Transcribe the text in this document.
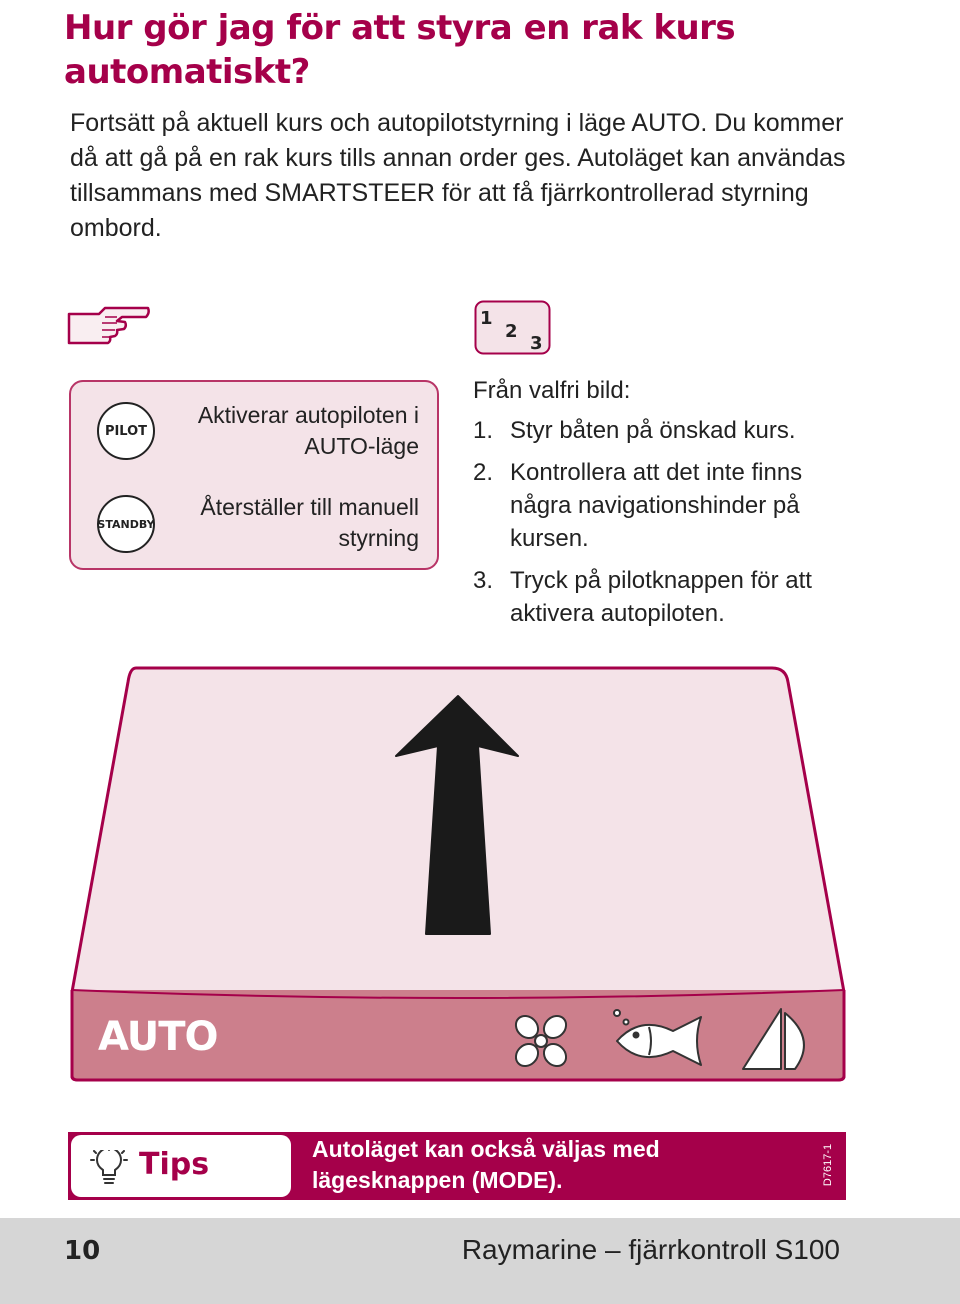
Hur gör jag för att styra en rak kurs automatiskt?

Fortsätt på aktuell kurs och autopilotstyrning i läge AUTO. Du kommer då att gå på en rak kurs tills annan order ges. Autoläget kan användas tillsammans med SMARTSTEER för att få fjärrkontrollerad styrning ombord.

1
2
3
PILOT

Aktiverar autopiloten i AUTO-läge

STANDBY

Återställer till manuell styrning

Från valfri bild:

1. Styr båten på önskad kurs.
2. Kontrollera att det inte finns några navigationshinder på kursen.
3. Tryck på pilotknappen för att aktivera autopiloten.
AUTO
Tips	Autoläget kan också väljas med lägesknappen (MODE).	D7617-1
10	Raymarine – fjärrkontroll S100
